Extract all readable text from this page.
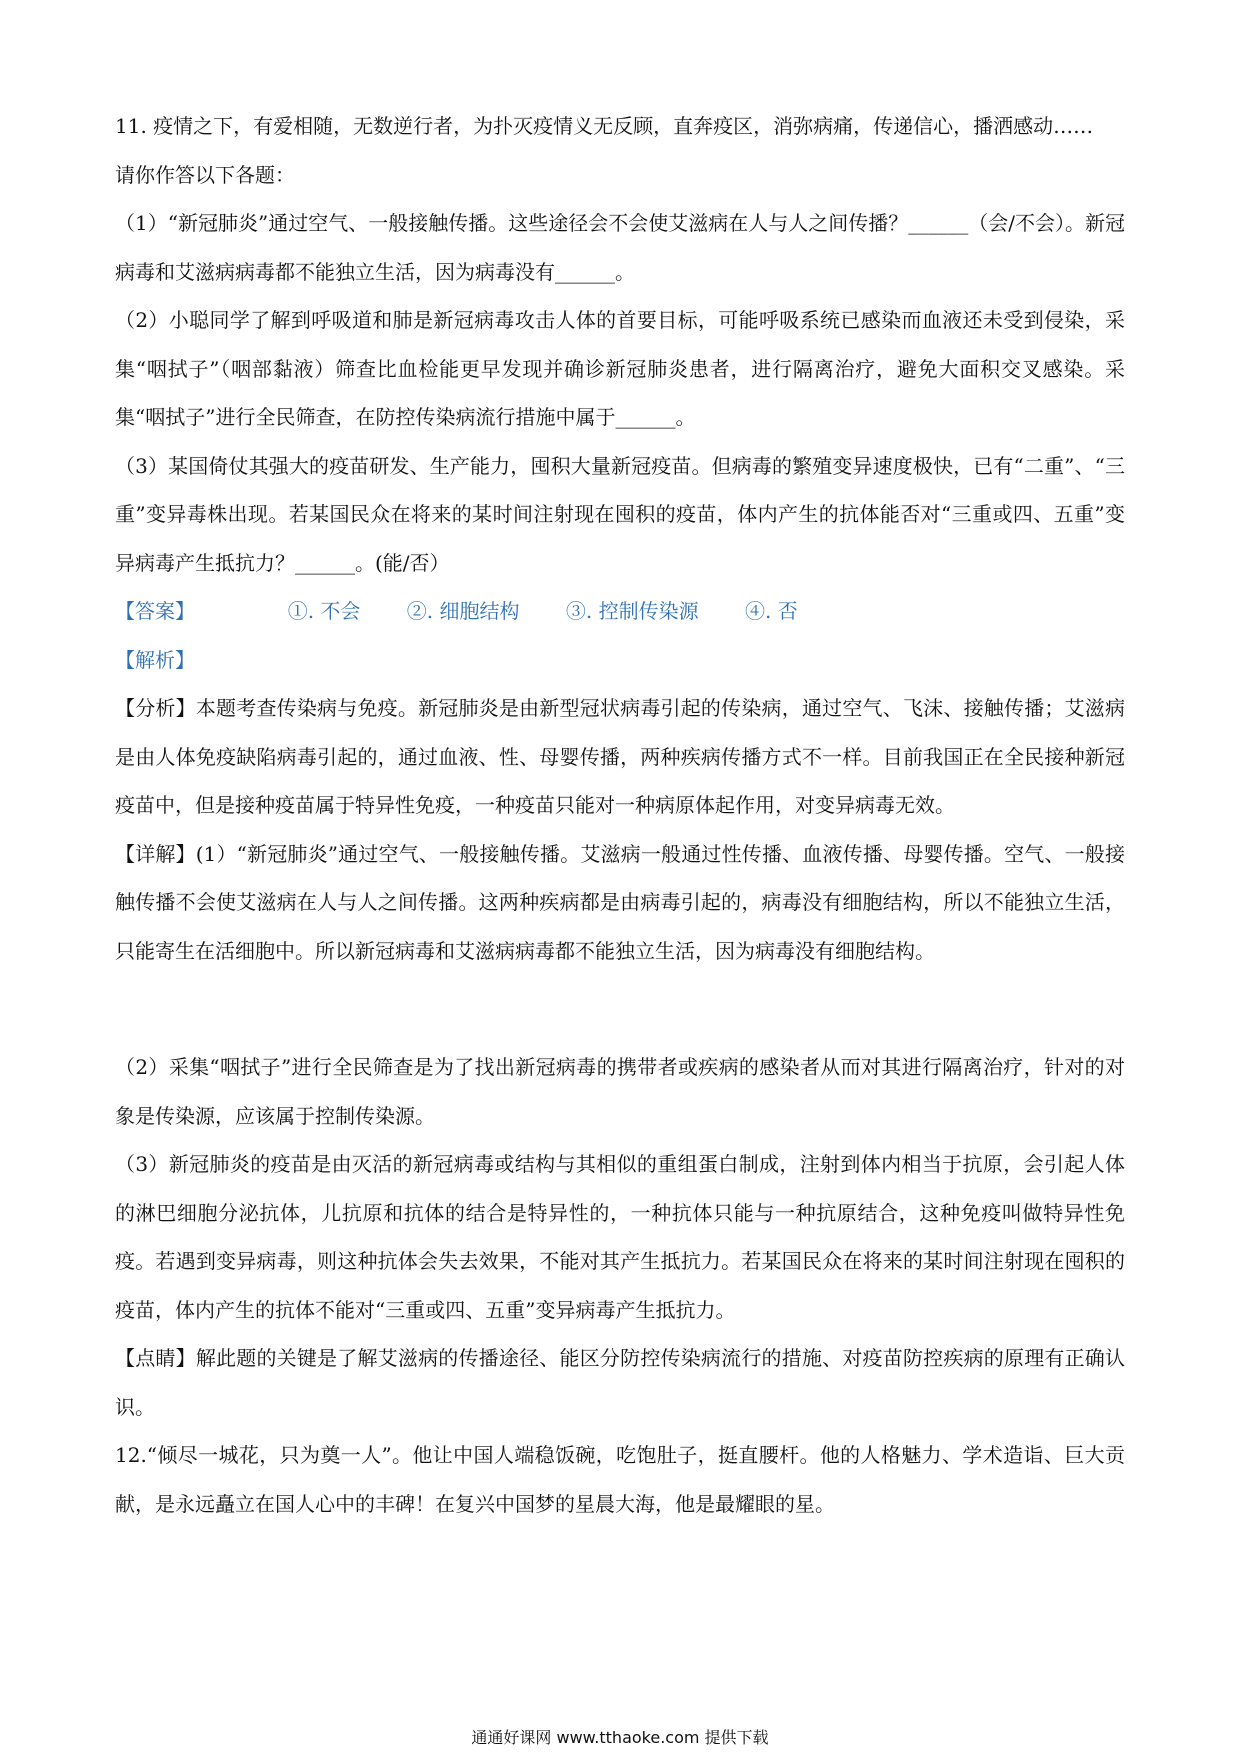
11. 疫情之下，有爱相随，无数逆行者，为扑灭疫情义无反顾，直奔疫区，消弥病痛，传递信心，播洒感动……

请你作答以下各题：

（1）“新冠肺炎”通过空气、一般接触传播。这些途径会不会使艾滋病在人与人之间传播？______（会/不会）。新冠病毒和艾滋病病毒都不能独立生活，因为病毒没有______。

（2）小聪同学了解到呼吸道和肺是新冠病毒攻击人体的首要目标，可能呼吸系统已感染而血液还未受到侵染，采集“咽拭子”（咽部黏液）筛查比血检能更早发现并确诊新冠肺炎患者，进行隔离治疗，避免大面积交叉感染。采集“咽拭子”进行全民筛查，在防控传染病流行措施中属于______。

（3）某国倚仗其强大的疫苗研发、生产能力，囤积大量新冠疫苗。但病毒的繁殖变异速度极快，已有“二重”、“三重”变异毒株出现。若某国民众在将来的某时间注射现在囤积的疫苗，体内产生的抗体能否对“三重或四、五重”变异病毒产生抵抗力？______。(能/否）

【答案】	①. 不会 ②. 细胞结构 ③. 控制传染源 ④. 否

【解析】

【分析】本题考查传染病与免疫。新冠肺炎是由新型冠状病毒引起的传染病，通过空气、飞沫、接触传播；艾滋病是由人体免疫缺陷病毒引起的，通过血液、性、母婴传播，两种疾病传播方式不一样。目前我国正在全民接种新冠疫苗中，但是接种疫苗属于特异性免疫，一种疫苗只能对一种病原体起作用，对变异病毒无效。

【详解】(1）“新冠肺炎”通过空气、一般接触传播。艾滋病一般通过性传播、血液传播、母婴传播。空气、一般接触传播不会使艾滋病在人与人之间传播。这两种疾病都是由病毒引起的，病毒没有细胞结构，所以不能独立生活，只能寄生在活细胞中。所以新冠病毒和艾滋病病毒都不能独立生活，因为病毒没有细胞结构。

（2）采集“咽拭子”进行全民筛查是为了找出新冠病毒的携带者或疾病的感染者从而对其进行隔离治疗，针对的对象是传染源，应该属于控制传染源。

（3）新冠肺炎的疫苗是由灭活的新冠病毒或结构与其相似的重组蛋白制成，注射到体内相当于抗原，会引起人体的淋巴细胞分泌抗体，儿抗原和抗体的结合是特异性的，一种抗体只能与一种抗原结合，这种免疫叫做特异性免疫。若遇到变异病毒，则这种抗体会失去效果，不能对其产生抵抗力。若某国民众在将来的某时间注射现在囤积的疫苗，体内产生的抗体不能对“三重或四、五重”变异病毒产生抵抗力。

【点睛】解此题的关键是了解艾滋病的传播途径、能区分防控传染病流行的措施、对疫苗防控疾病的原理有正确认识。

12.“倾尽一城花，只为奠一人”。他让中国人端稳饭碗，吃饱肚子，挺直腰杆。他的人格魅力、学术造诣、巨大贡献，是永远矗立在国人心中的丰碑！在复兴中国梦的星晨大海，他是最耀眼的星。

通通好课网 www.tthaoke.com 提供下载
